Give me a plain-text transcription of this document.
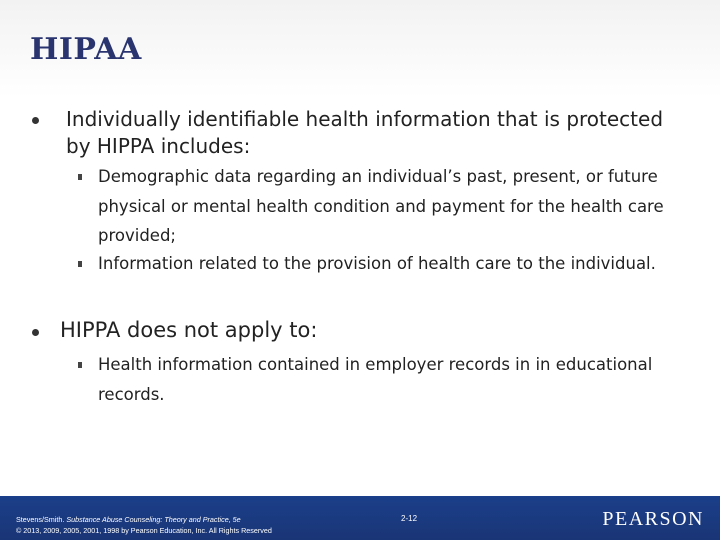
HIPAA
Individually identifiable health information that is protected by HIPPA includes:
Demographic data regarding an individual’s past, present, or future physical or mental health condition and payment for the health care provided;
Information related to the provision of health care to the individual.
HIPPA does not apply to:
Health information contained in employer records in in educational records.
Stevens/Smith. Substance Abuse Counseling: Theory and Practice, 5e
© 2013, 2009, 2005, 2001, 1998 by Pearson Education, Inc. All Rights Reserved
2-12	PEARSON
